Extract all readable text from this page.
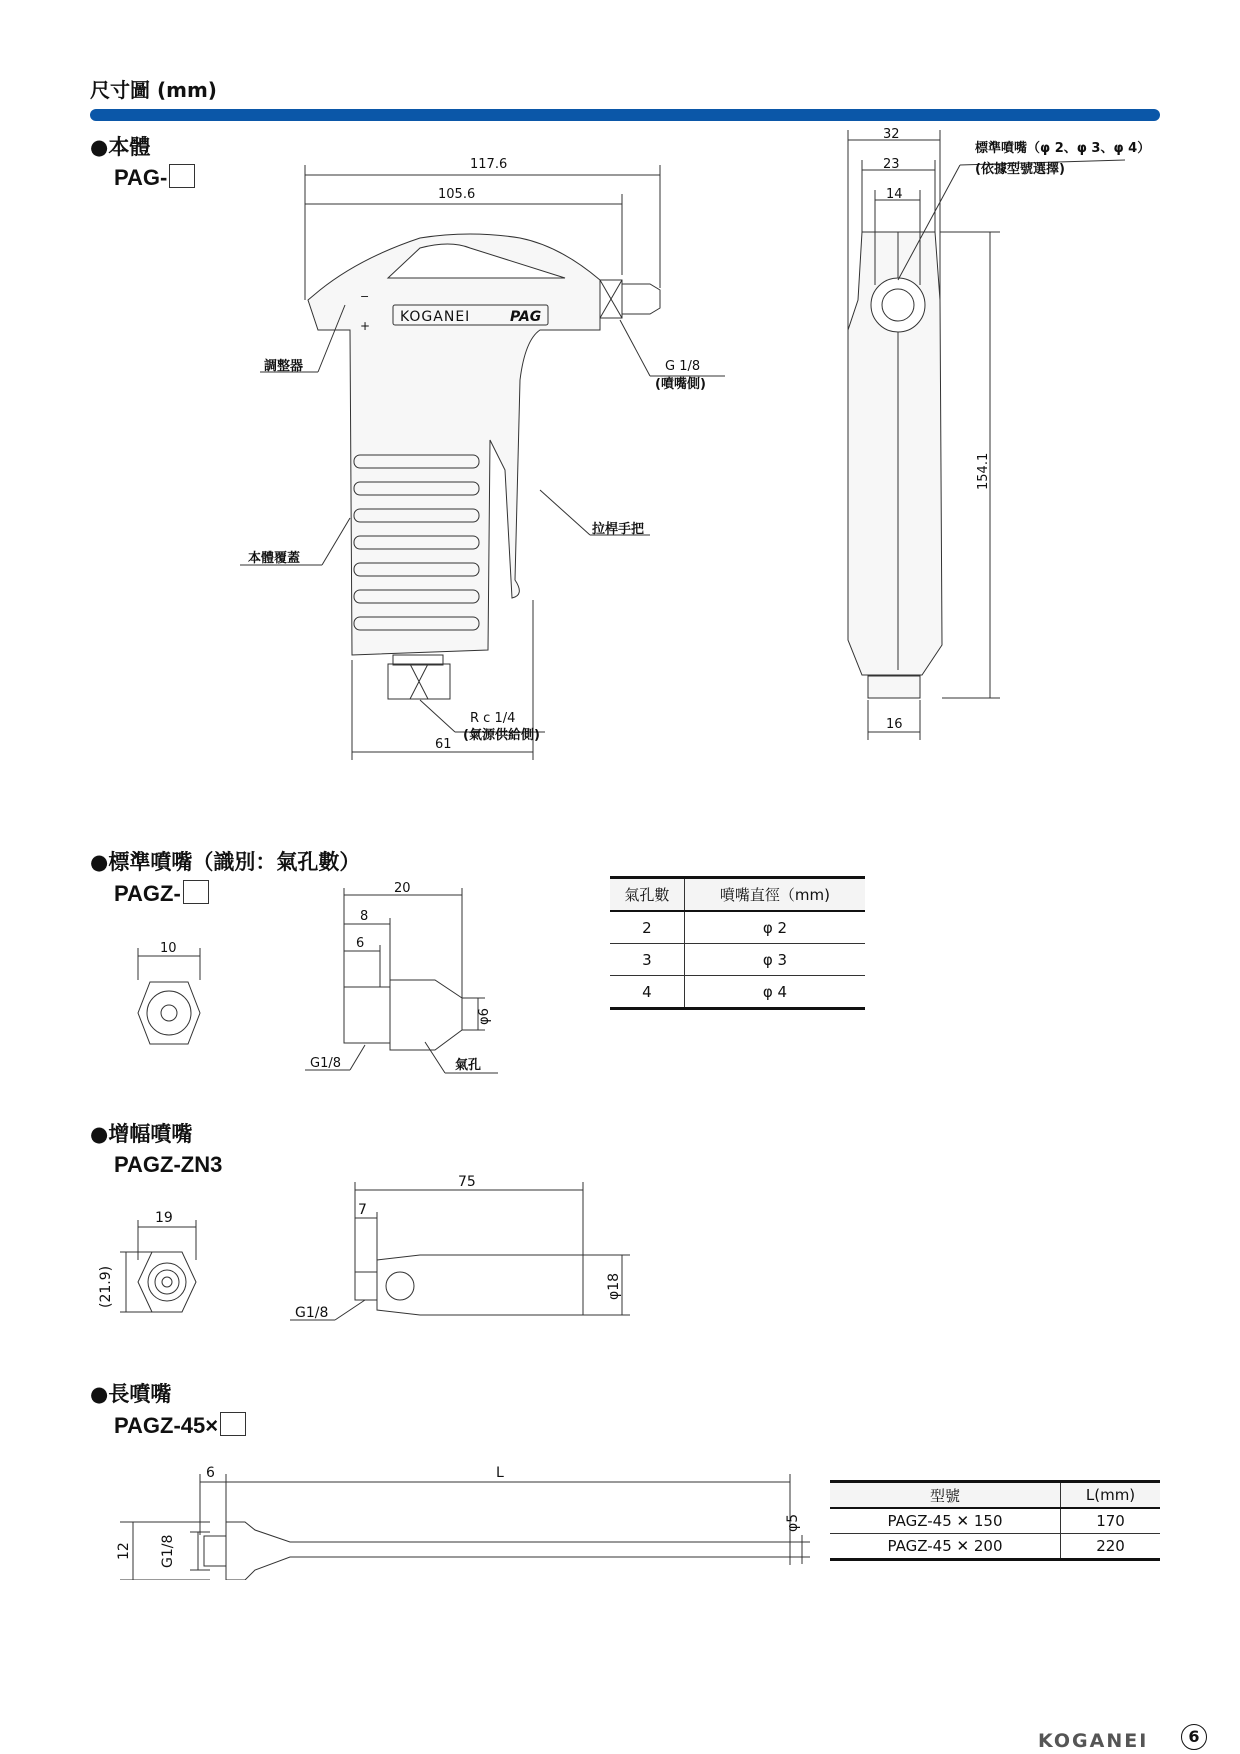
尺寸圖 (mm)
●本體
PAG-
117.6
105.6
32
23
14
154.1
16
61
調整器
本體覆蓋
拉桿手把
G 1/8
(噴嘴側)
R c 1/4
(氣源供給側)
標準噴嘴（φ 2、φ 3、φ 4）
(依據型號選擇)
KOGANEI	PAG
−
+
●標準噴嘴（識別：氣孔數）
PAGZ-
10
20
8
6
φ6
G1/8	氣孔
氣孔數	噴嘴直徑（mm)
2	φ 2
3	φ 3
4	φ 4
●增幅噴嘴
PAGZ-ZN3
19
(21.9)
75
7
φ18
G1/8
●長噴嘴
PAGZ-45×
6	L
12 G1/8
φ5
型號	L(mm)
PAGZ-45 ✕ 150	170
PAGZ-45 ✕ 200	220
KOGANEI	6
